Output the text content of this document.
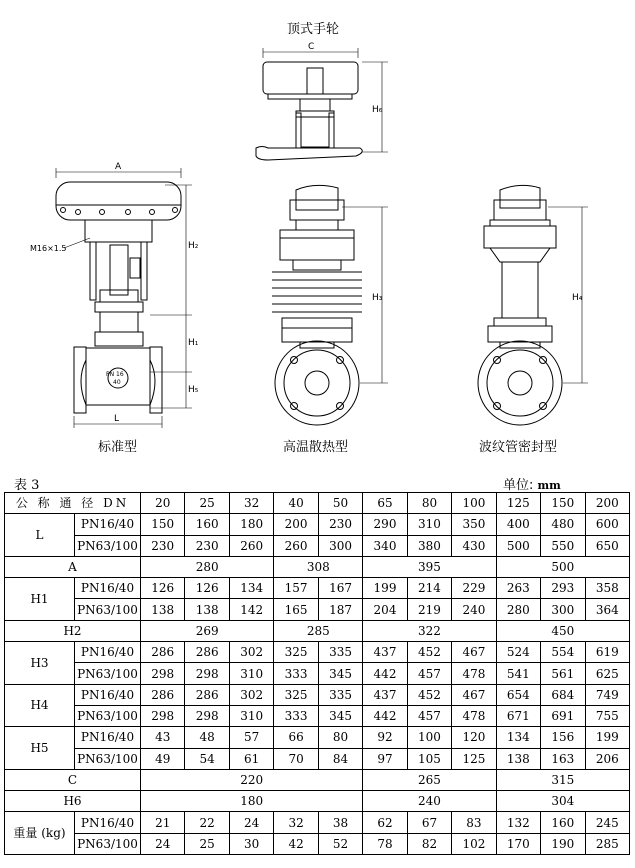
C
H₆
A
H₂
H₁
H₅
L
H₃	H₄
M16×1.5
PN 16
40
顶式手轮
标准型	高温散热型	波纹管密封型
表 3	单位: mm
公 称 通 径 DN		20	25	32	40	50	65	80	100	125	150	200
L	PN16/40	150	160	180	200	230	290	310	350	400	480	600
	PN63/100	230	230	260	260	300	340	380	430	500	550	650
A		280			308		395			500		
H1	PN16/40	126	126	134	157	167	199	214	229	263	293	358
	PN63/100	138	138	142	165	187	204	219	240	280	300	364
H2		269			285		322			450		
H3	PN16/40	286	286	302	325	335	437	452	467	524	554	619
	PN63/100	298	298	310	333	345	442	457	478	541	561	625
H4	PN16/40	286	286	302	325	335	437	452	467	654	684	749
	PN63/100	298	298	310	333	345	442	457	478	671	691	755
H5	PN16/40	43	48	57	66	80	92	100	120	134	156	199
	PN63/100	49	54	61	70	84	97	105	125	138	163	206
C		220					265			315		
H6		180					240			304		
重量 (kg)	PN16/40	21	22	24	32	38	62	67	83	132	160	245
	PN63/100	24	25	30	42	52	78	82	102	170	190	285
